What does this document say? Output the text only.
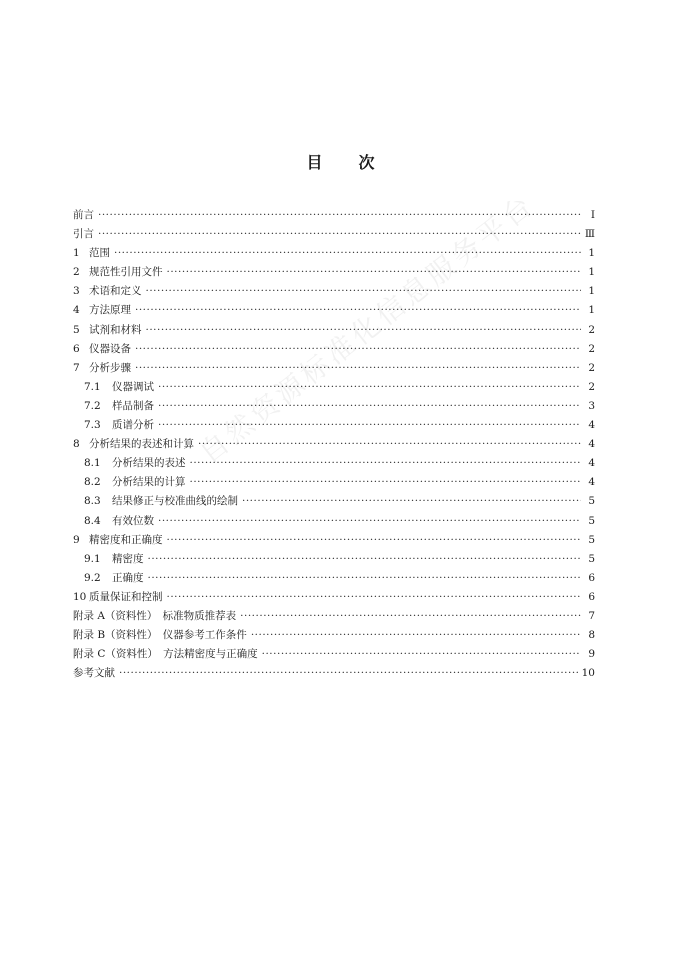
自然资源标准化信息服务平台
目 次
前言 ·····	Ⅰ
引言 ·····	Ⅲ
1 范围 ·····	1
2 规范性引用文件 ·····	1
3 术语和定义 ·····	1
4 方法原理 ·····	1
5 试剂和材料 ·····	2
6 仪器设备 ·····	2
7 分析步骤 ·····	2
7.1	仪器调试 ·····	2
7.2	样品制备 ·····	3
7.3	质谱分析 ·····	4
8 分析结果的表述和计算 ·····	4
8.1	分析结果的表述 ·····	4
8.2	分析结果的计算 ·····	4
8.3	结果修正与校准曲线的绘制 ·····	5
8.4	有效位数 ·····	5
9 精密度和正确度 ·····	5
9.1	精密度 ·····	5
9.2	正确度 ·····	6
10 质量保证和控制 ·····	6
附录 A（资料性）　标准物质推荐表 ·····	7
附录 B（资料性）　仪器参考工作条件 ·····	8
附录 C（资料性）　方法精密度与正确度 ·····	9
参考文献 ·····	10
